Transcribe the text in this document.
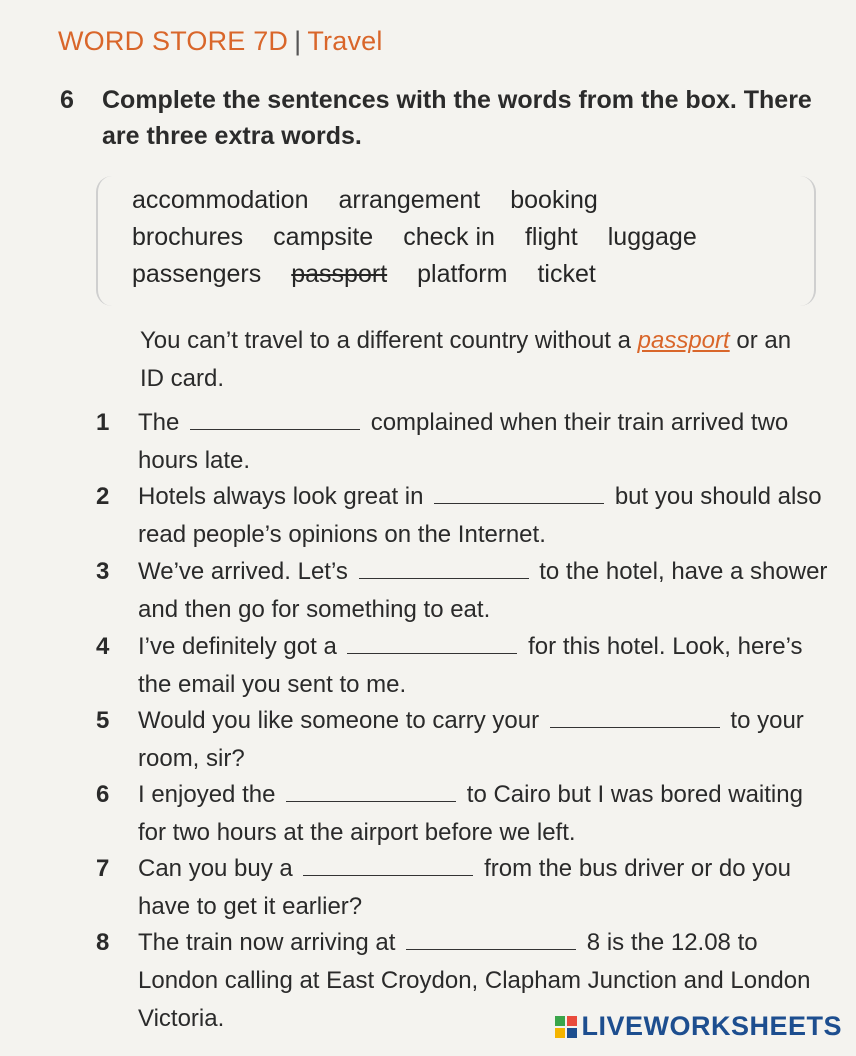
WORD STORE 7D | Travel
6 Complete the sentences with the words from the box. There are three extra words.
accommodation arrangement booking
brochures campsite check in flight luggage
passengers passport platform ticket
You can’t travel to a different country without a passport or an ID card.
1 The	complained when their train arrived two hours late.
2 Hotels always look great in	but you should also read people’s opinions on the Internet.
3 We’ve arrived. Let’s	to the hotel, have a shower and then go for something to eat.
4 I’ve definitely got a	for this hotel. Look, here’s the email you sent to me.
5 Would you like someone to carry your	to your room, sir?
6 I enjoyed the	to Cairo but I was bored waiting for two hours at the airport before we left.
7 Can you buy a	from the bus driver or do you have to get it earlier?
8 The train now arriving at	8 is the 12.08 to London calling at East Croydon, Clapham Junction and London Victoria.	LIVEWORKSHEETS
